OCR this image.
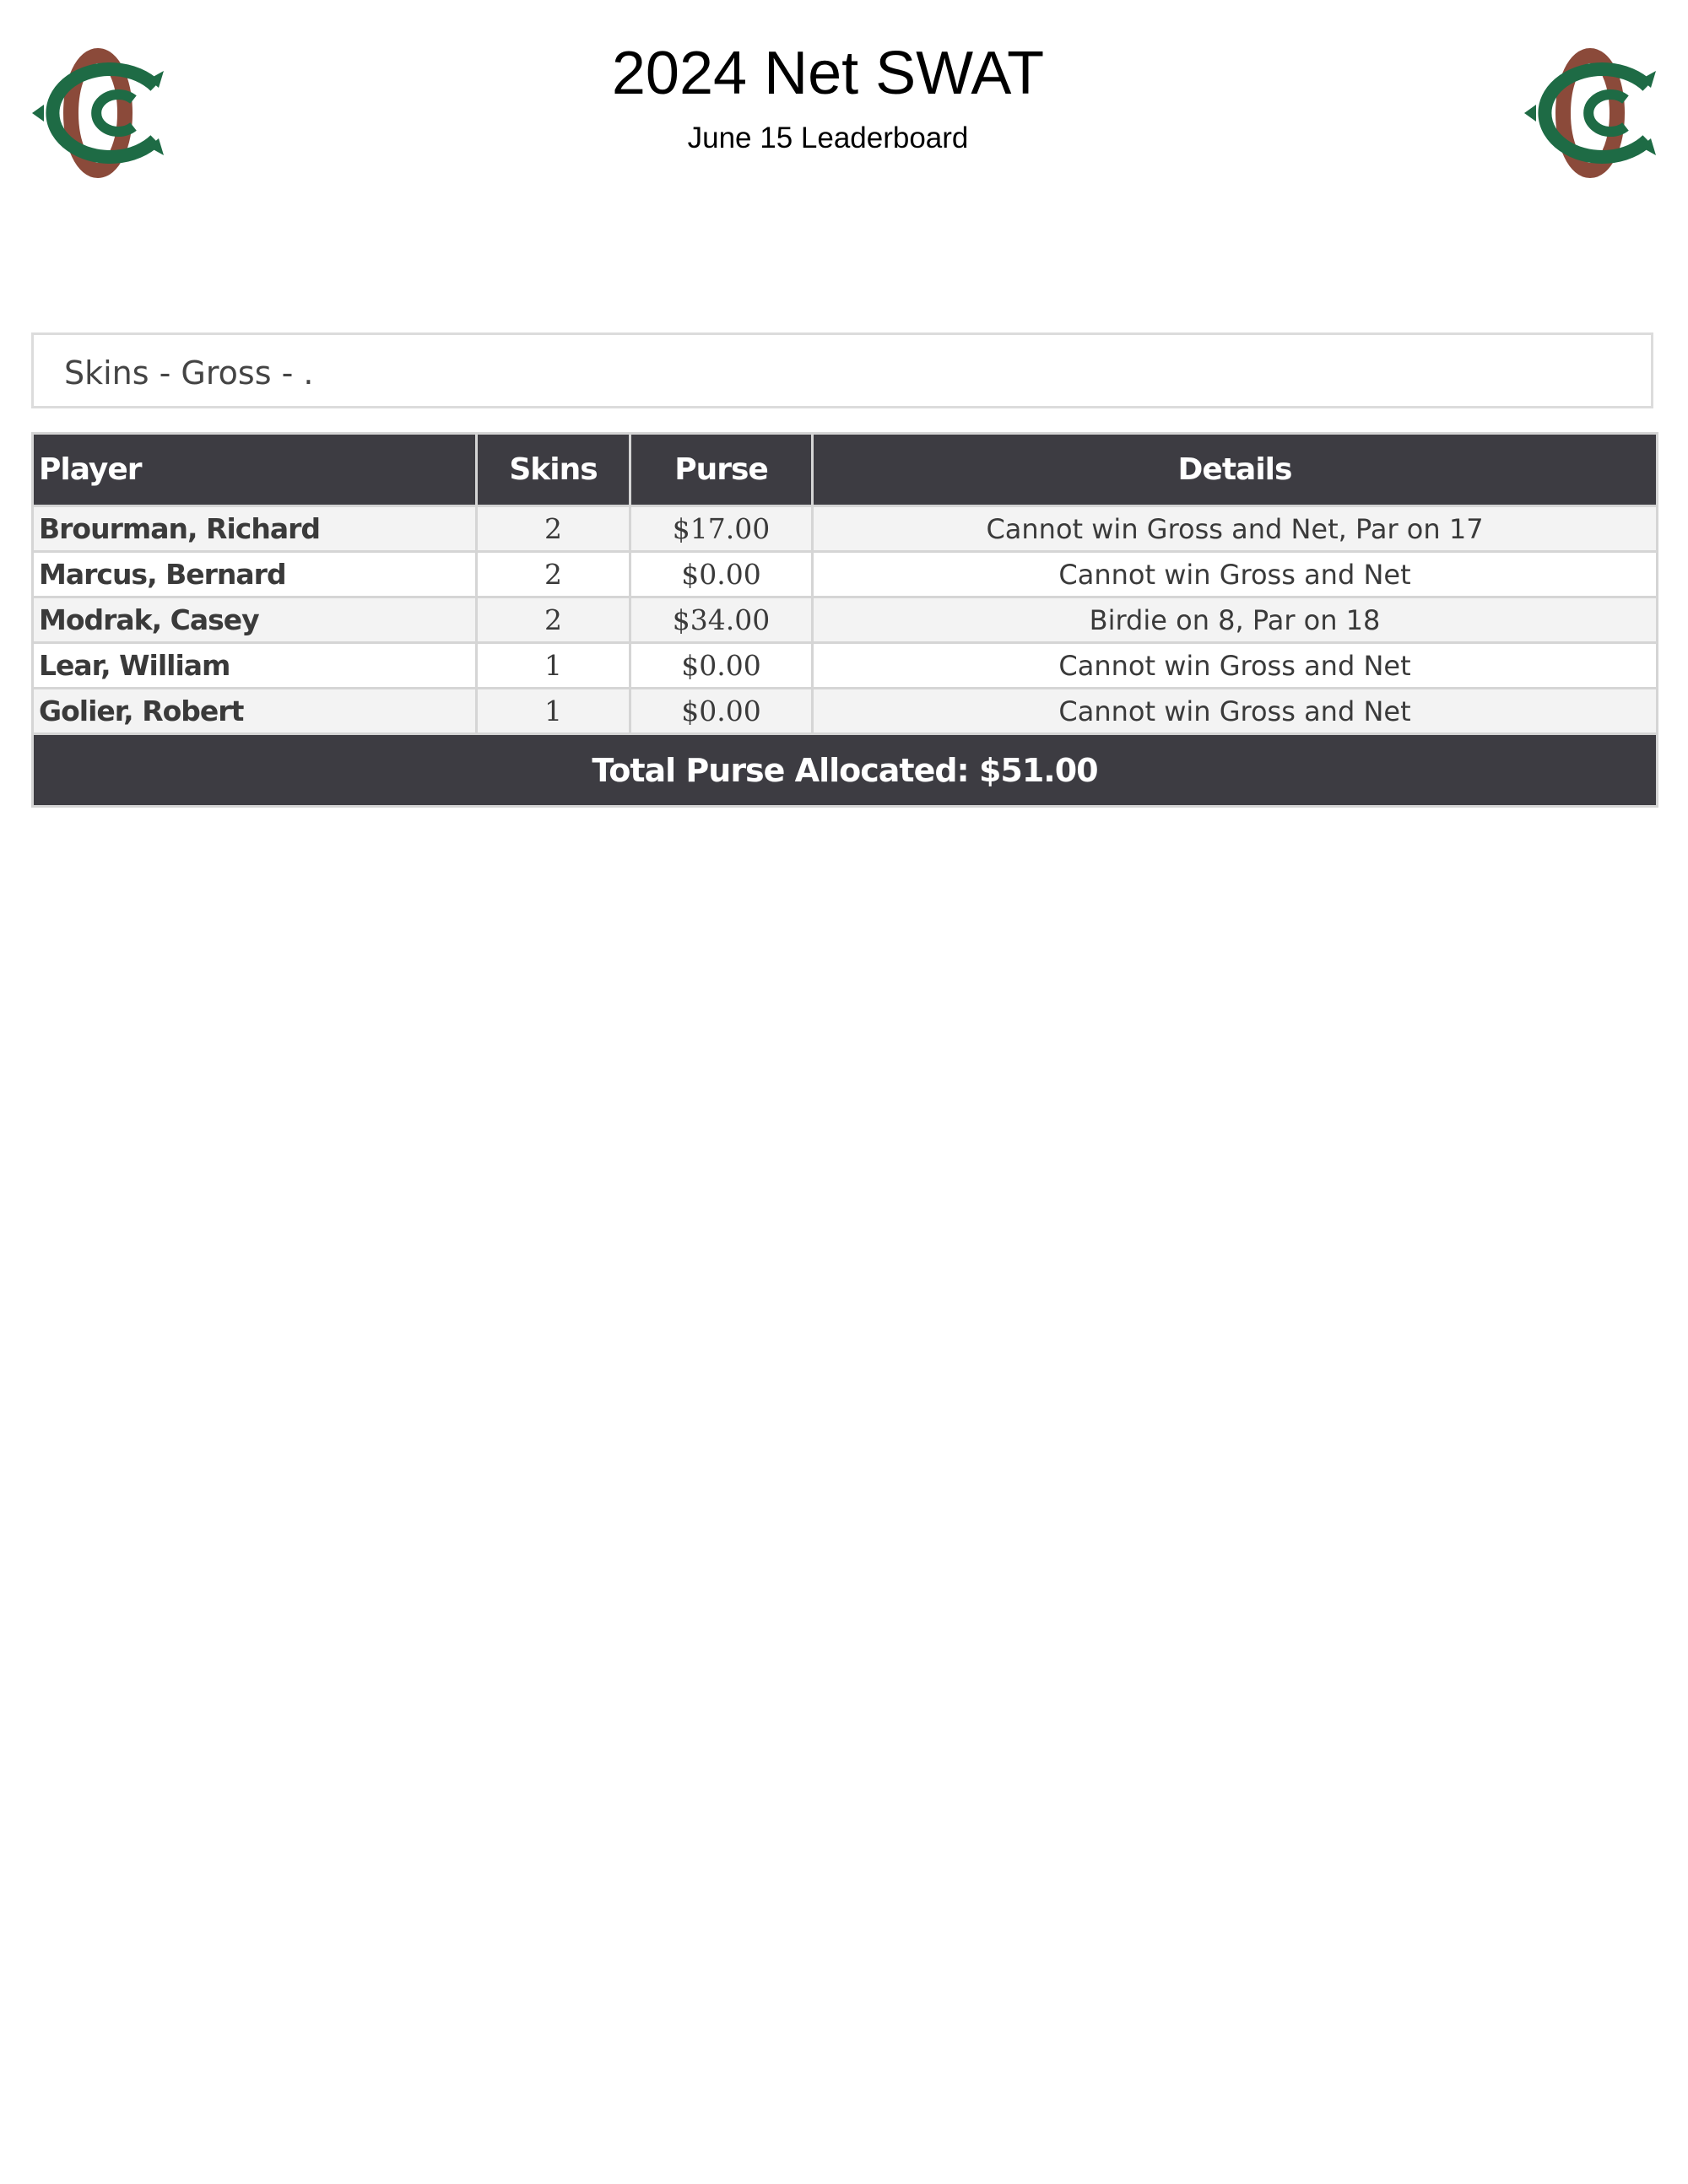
2024 Net SWAT
June 15 Leaderboard
Skins - Gross - .
Player	Skins	Purse	Details
Brourman, Richard	2	$17.00	Cannot win Gross and Net, Par on 17
Marcus, Bernard	2	$0.00	Cannot win Gross and Net
Modrak, Casey	2	$34.00	Birdie on 8, Par on 18
Lear, William	1	$0.00	Cannot win Gross and Net
Golier, Robert	1	$0.00	Cannot win Gross and Net
Total Purse Allocated: $51.00			
